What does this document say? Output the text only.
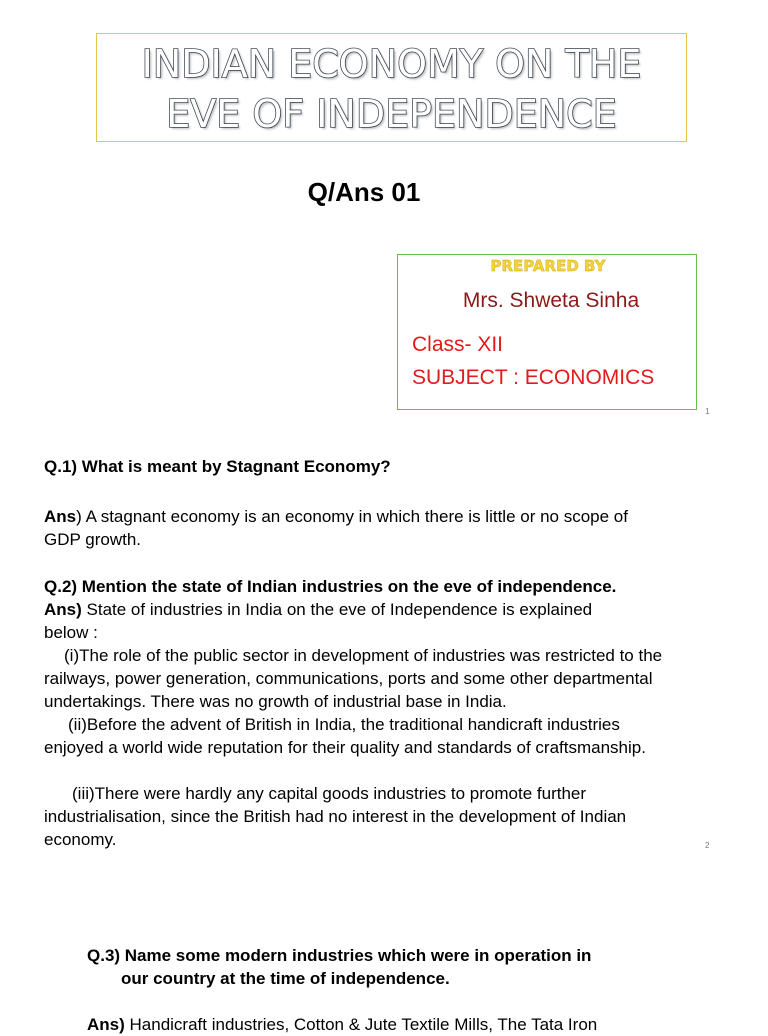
INDIAN ECONOMY ON THE
EVE OF INDEPENDENCE
Q/Ans 01
PREPARED BY
Mrs. Shweta Sinha
Class- XII
SUBJECT : ECONOMICS
1
Q.1) What is meant by Stagnant Economy?
Ans) A stagnant economy is an economy in which there is little or no scope of GDP growth.
Q.2) Mention the state of Indian industries on the eve of independence.
Ans) State of industries in India on the eve of Independence is explained below :
(i)The role of the public sector in development of industries was restricted to the railways, power generation, communications, ports and some other departmental undertakings. There was no growth of industrial base in India.
(ii)Before the advent of British in India, the traditional handicraft industries enjoyed a world wide reputation for their quality and standards of craftsmanship.
(iii)There were hardly any capital goods industries to promote further industrialisation, since the British had no interest in the development of Indian economy.	2
Q.3) Name some modern industries which were in operation in
our country at the time of independence.
Ans) Handicraft industries, Cotton & Jute Textile Mills, The Tata Iron
